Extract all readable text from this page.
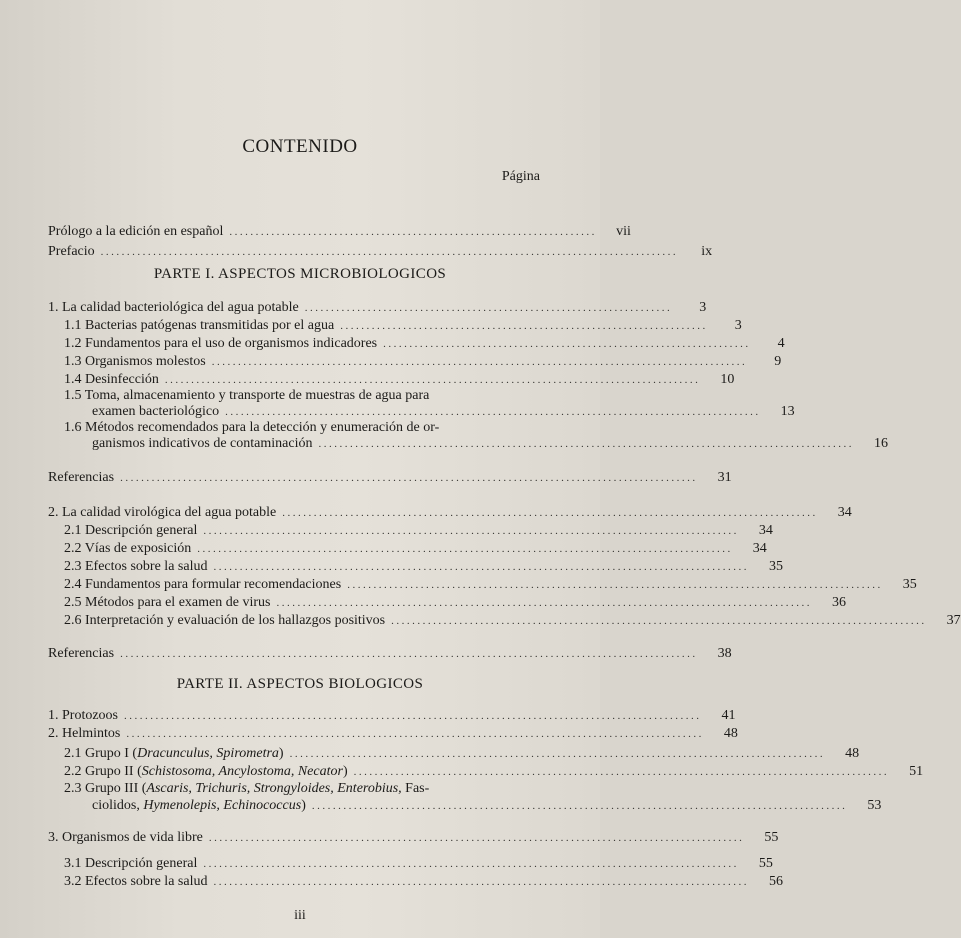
CONTENIDO
Página
Prólogo a la edición en español ......................................................................	vii
Prefacio ..............................................................................................................	ix
PARTE I. ASPECTOS MICROBIOLOGICOS
1. La calidad bacteriológica del agua potable ......................................................................	3
1.1 Bacterias patógenas transmitidas por el agua ......................................................................	3
1.2 Fundamentos para el uso de organismos indicadores ......................................................................	4
1.3 Organismos molestos ......................................................................................................	9
1.4 Desinfección ......................................................................................................	10
1.5 Toma, almacenamiento y transporte de muestras de agua para
examen bacteriológico ......................................................................................................	13
1.6 Métodos recomendados para la detección y enumeración de or-
ganismos indicativos de contaminación ......................................................................................................	16
Referencias ..............................................................................................................	31
2. La calidad virológica del agua potable ......................................................................................................	34
2.1 Descripción general ......................................................................................................	34
2.2 Vías de exposición ......................................................................................................	34
2.3 Efectos sobre la salud ......................................................................................................	35
2.4 Fundamentos para formular recomendaciones ......................................................................................................	35
2.5 Métodos para el examen de virus ......................................................................................................	36
2.6 Interpretación y evaluación de los hallazgos positivos ......................................................................................................	37
Referencias ..............................................................................................................	38
PARTE II. ASPECTOS BIOLOGICOS
1. Protozoos ..............................................................................................................	41
2. Helmintos ..............................................................................................................	48
2.1 Grupo I (Dracunculus, Spirometra) ......................................................................................................	48
2.2 Grupo II (Schistosoma, Ancylostoma, Necator) ......................................................................................................	51
2.3 Grupo III (Ascaris, Trichuris, Strongyloides, Enterobius, Fas-
ciolidos, Hymenolepis, Echinococcus) ......................................................................................................	53
3. Organismos de vida libre ......................................................................................................	55
3.1 Descripción general ......................................................................................................	55
3.2 Efectos sobre la salud ......................................................................................................	56
iii
